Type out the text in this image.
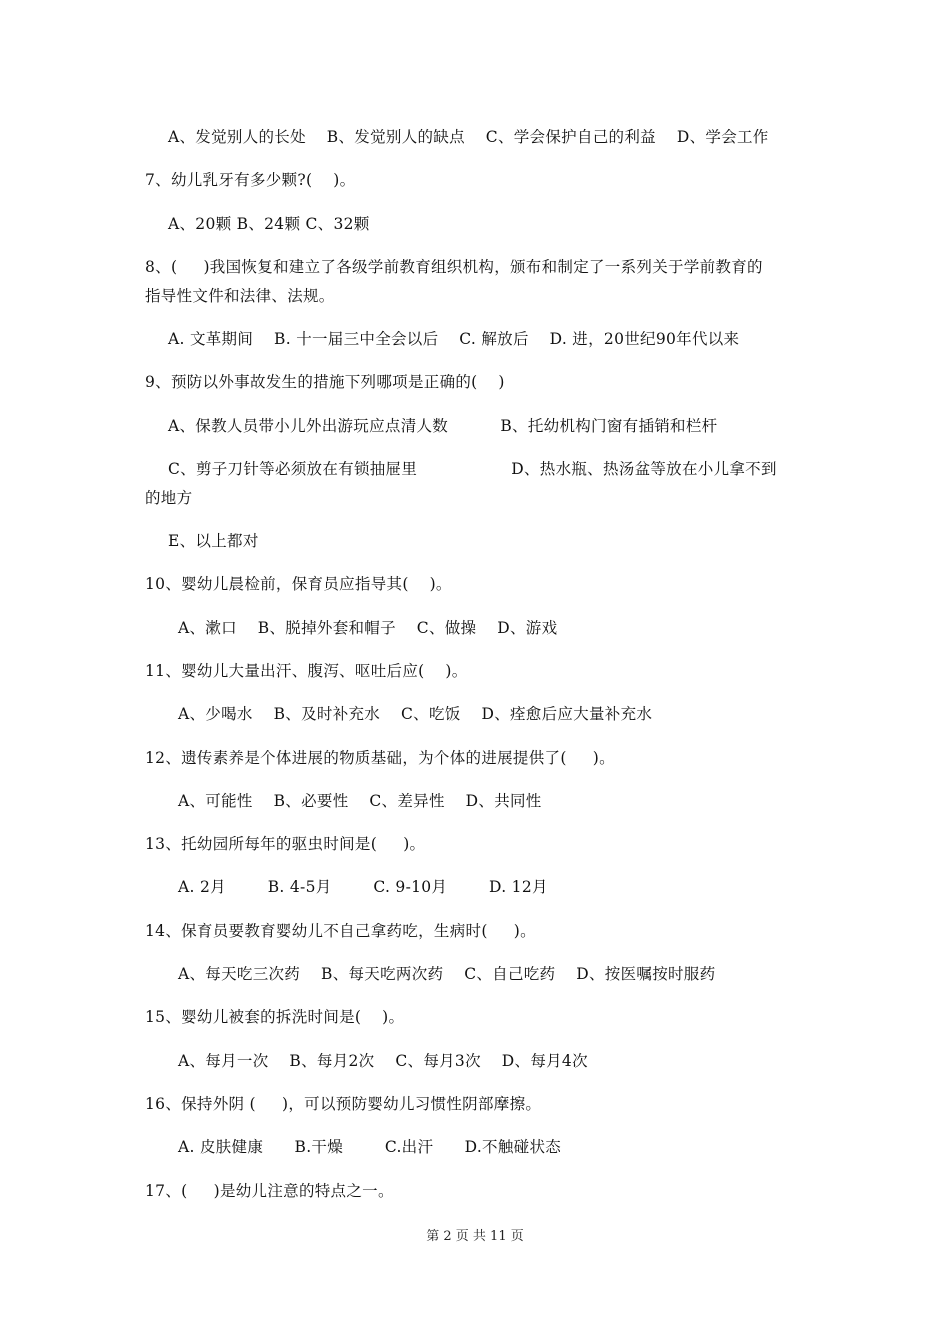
A、发觉别人的长处    B、发觉别人的缺点    C、学会保护自己的利益    D、学会工作
7、幼儿乳牙有多少颗?(    )。
A、20颗 B、24颗 C、32颗
8、(     )我国恢复和建立了各级学前教育组织机构，颁布和制定了一系列关于学前教育的
指导性文件和法律、法规。
A. 文革期间    B. 十一届三中全会以后    C. 解放后    D. 进，20世纪90年代以来
9、预防以外事故发生的措施下列哪项是正确的(    )
A、保教人员带小儿外出游玩应点清人数          B、托幼机构门窗有插销和栏杆
C、剪子刀针等必须放在有锁抽屉里                  D、热水瓶、热汤盆等放在小儿拿不到
的地方
E、以上都对
10、婴幼儿晨检前，保育员应指导其(    )。
A、漱口    B、脱掉外套和帽子    C、做操    D、游戏
11、婴幼儿大量出汗、腹泻、呕吐后应(    )。
A、少喝水    B、及时补充水    C、吃饭    D、痊愈后应大量补充水
12、遗传素养是个体进展的物质基础，为个体的进展提供了(     )。
A、可能性    B、必要性    C、差异性    D、共同性
13、托幼园所每年的驱虫时间是(     )。
A. 2月        B. 4-5月        C. 9-10月        D. 12月
14、保育员要教育婴幼儿不自己拿药吃，生病时(     )。
A、每天吃三次药    B、每天吃两次药    C、自己吃药    D、按医嘱按时服药
15、婴幼儿被套的拆洗时间是(    )。
A、每月一次    B、每月2次    C、每月3次    D、每月4次
16、保持外阴 (     )，可以预防婴幼儿习惯性阴部摩擦。
A. 皮肤健康      B.干燥        C.出汗      D.不触碰状态
17、(     )是幼儿注意的特点之一。
第 2 页 共 11 页
